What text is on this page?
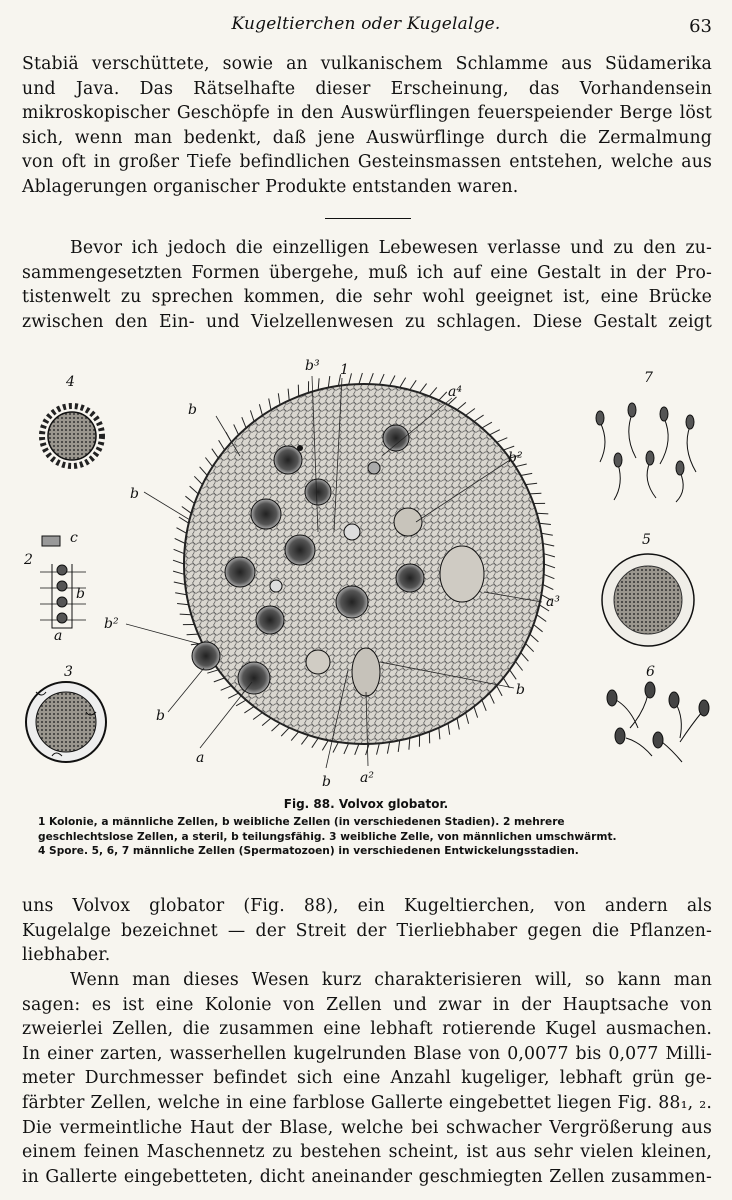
Kugeltierchen oder Kugelalge.	63
Stabiä verschüttete, sowie an vulkanischem Schlamme aus Südamerika
und Java. Das Rätselhafte dieser Erscheinung, das Vorhandensein
mikroskopischer Geschöpfe in den Auswürflingen feuerspeiender Berge löst
sich, wenn man bedenkt, daß jene Auswürflinge durch die Zermalmung
von oft in großer Tiefe befindlichen Gesteinsmassen entstehen, welche aus
Ablagerungen organischer Produkte entstanden waren.
Bevor ich jedoch die einzelligen Lebewesen verlasse und zu den zu-
sammengesetzten Formen übergehe, muß ich auf eine Gestalt in der Pro-
tistenwelt zu sprechen kommen, die sehr wohl geeignet ist, eine Brücke
zwischen den Ein- und Vielzellenwesen zu schlagen. Diese Gestalt zeigt
b³ 1
a⁴
b²
b
b
b²
a³
b
b
a
b a²
4
2
c
b
a
3
7
5
6
Fig. 88. Volvox globator.
1 Kolonie, a männliche Zellen, b weibliche Zellen (in verschiedenen Stadien). 2 mehrere
geschlechtslose Zellen, a steril, b teilungsfähig. 3 weibliche Zelle, von männlichen umschwärmt.
4 Spore. 5, 6, 7 männliche Zellen (Spermatozoen) in verschiedenen Entwickelungsstadien.
uns Volvox globator (Fig. 88), ein Kugeltierchen, von andern als
Kugelalge bezeichnet — der Streit der Tierliebhaber gegen die Pflanzen-
liebhaber.
Wenn man dieses Wesen kurz charakterisieren will, so kann man
sagen: es ist eine Kolonie von Zellen und zwar in der Hauptsache von
zweierlei Zellen, die zusammen eine lebhaft rotierende Kugel ausmachen.
In einer zarten, wasserhellen kugelrunden Blase von 0,0077 bis 0,077 Milli-
meter Durchmesser befindet sich eine Anzahl kugeliger, lebhaft grün ge-
färbter Zellen, welche in eine farblose Gallerte eingebettet liegen Fig. 88₁, ₂.
Die vermeintliche Haut der Blase, welche bei schwacher Vergrößerung aus
einem feinen Maschennetz zu bestehen scheint, ist aus sehr vielen kleinen,
in Gallerte eingebetteten, dicht aneinander geschmiegten Zellen zusammen-
